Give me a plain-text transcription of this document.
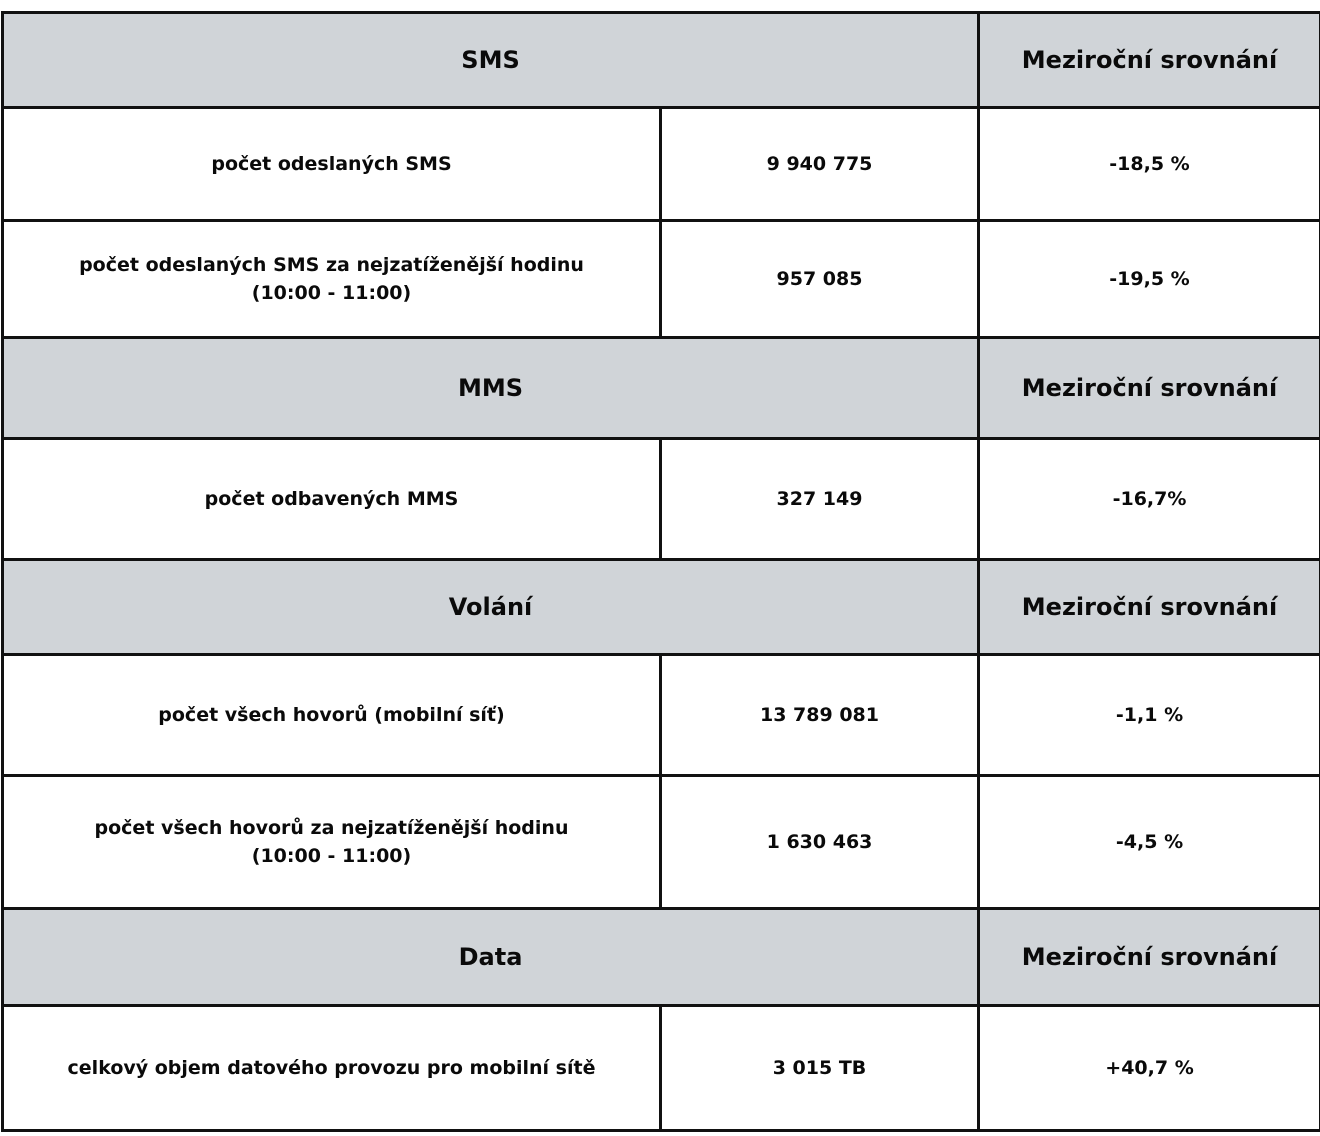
SMS		Meziroční srovnání

počet odeslaných SMS	9 940 775	-18,5 %

počet odeslaných SMS za nejzatíženější hodinu
(10:00 - 11:00)	957 085	-19,5 %
MMS		Meziroční srovnání

počet odbavených MMS	327 149	-16,7%
Volání		Meziroční srovnání

počet všech hovorů (mobilní síť)	13 789 081	-1,1 %

počet všech hovorů za nejzatíženější hodinu
(10:00 - 11:00)	1 630 463	-4,5 %
Data		Meziroční srovnání

celkový objem datového provozu pro mobilní sítě	3 015 TB	+40,7 %
